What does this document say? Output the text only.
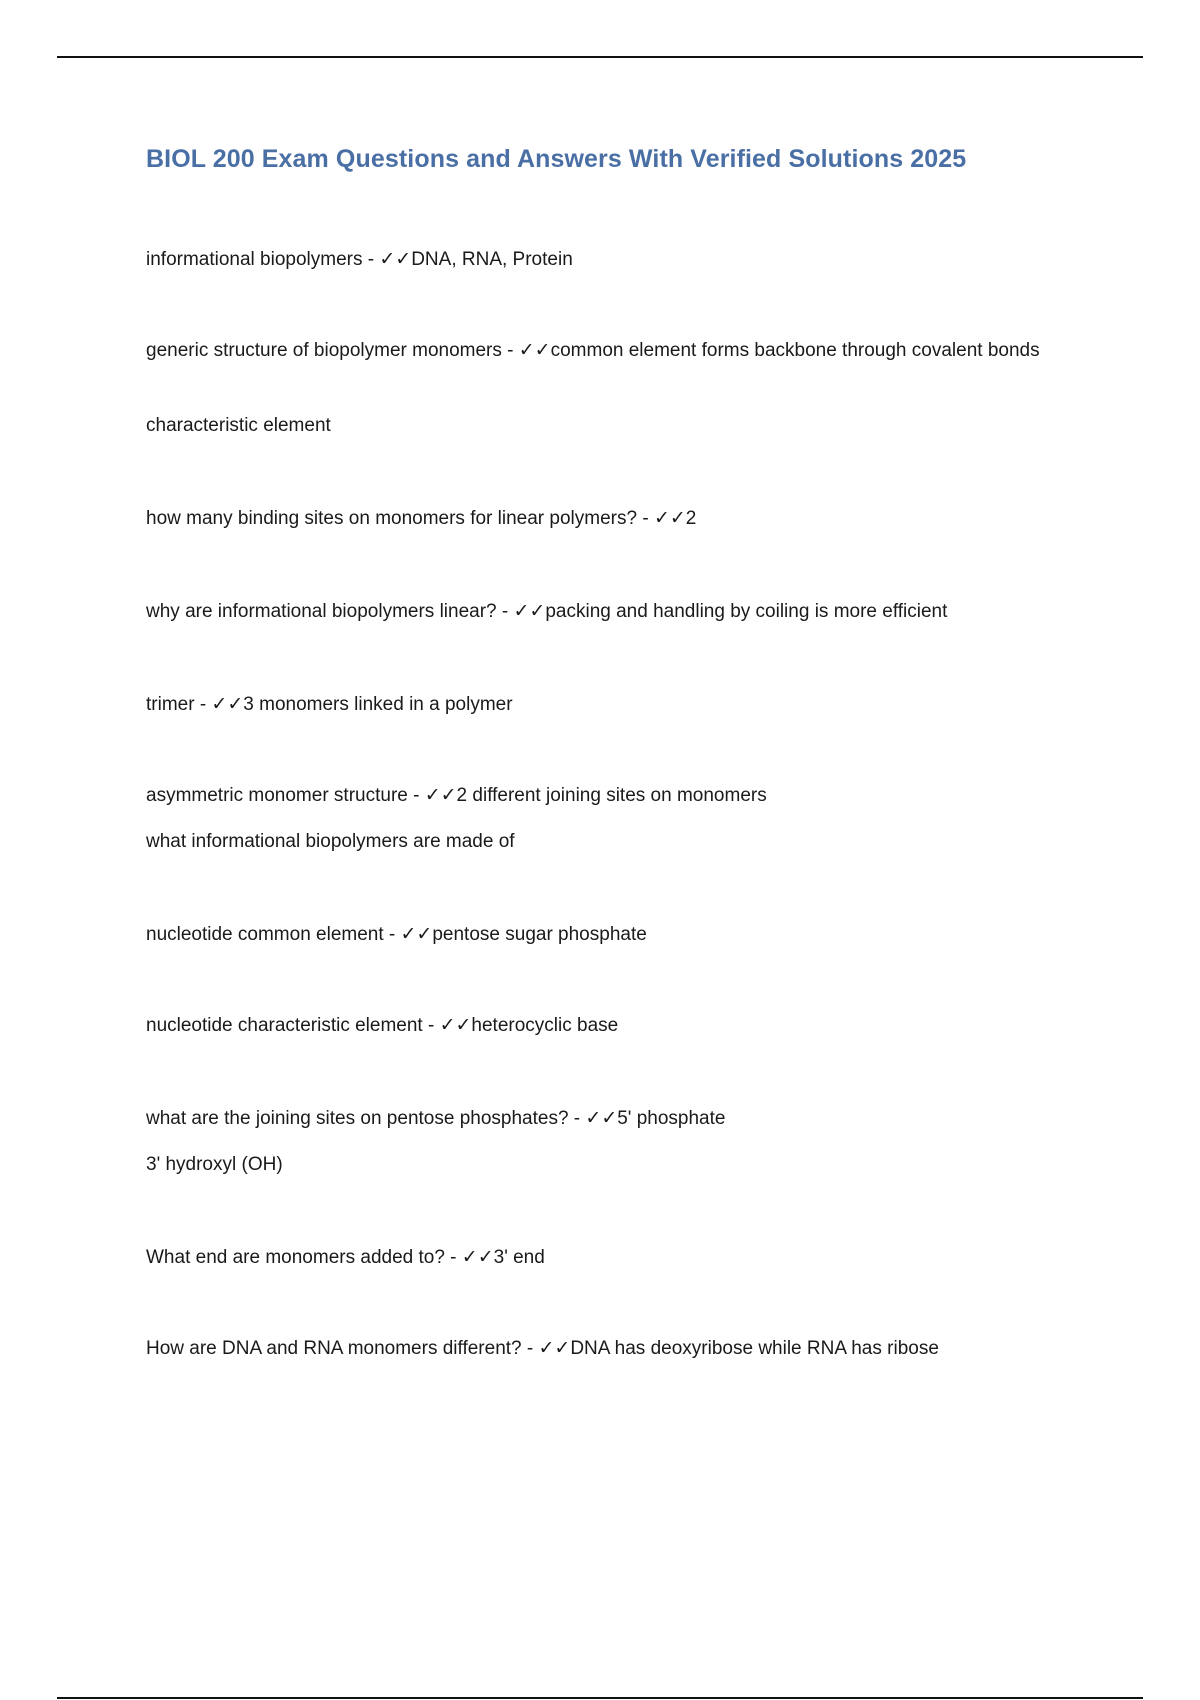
BIOL 200 Exam Questions and Answers With Verified Solutions 2025
informational biopolymers - ✓✓DNA, RNA, Protein
generic structure of biopolymer monomers - ✓✓common element forms backbone through covalent bonds
characteristic element
how many binding sites on monomers for linear polymers? - ✓✓2
why are informational biopolymers linear? - ✓✓packing and handling by coiling is more efficient
trimer - ✓✓3 monomers linked in a polymer
asymmetric monomer structure - ✓✓2 different joining sites on monomers
what informational biopolymers are made of
nucleotide common element - ✓✓pentose sugar phosphate
nucleotide characteristic element - ✓✓heterocyclic base
what are the joining sites on pentose phosphates? - ✓✓5' phosphate
3' hydroxyl (OH)
What end are monomers added to? - ✓✓3' end
How are DNA and RNA monomers different? - ✓✓DNA has deoxyribose while RNA has ribose
